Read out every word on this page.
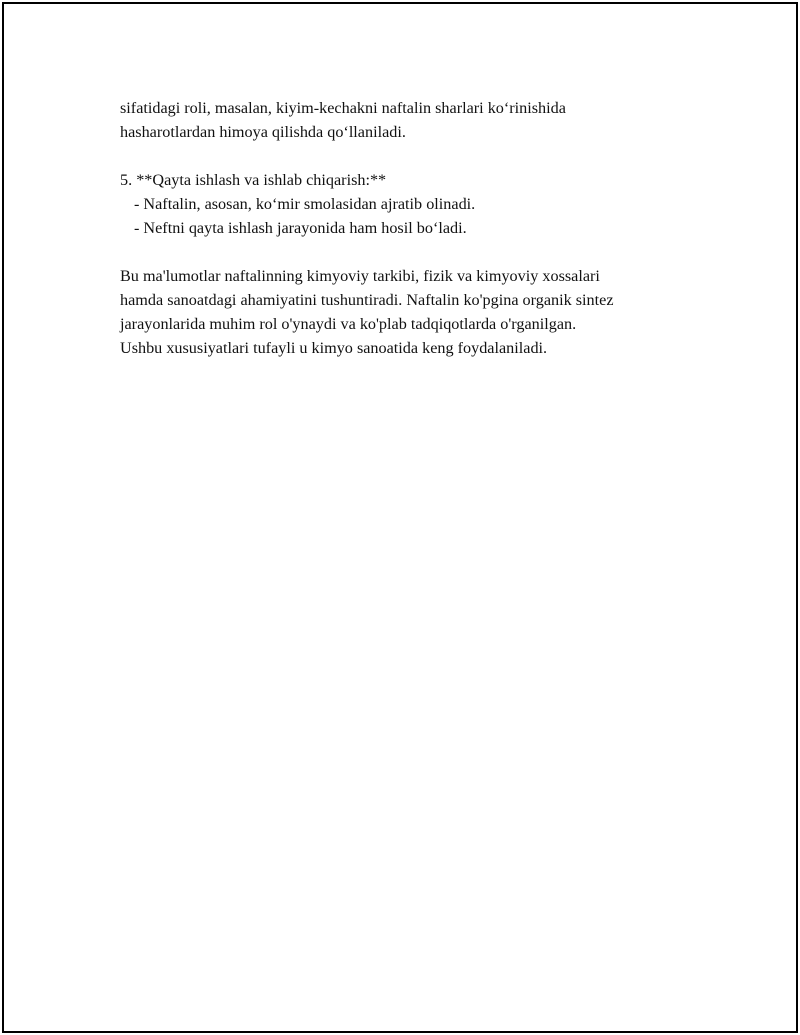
sifatidagi roli, masalan, kiyim-kechakni naftalin sharlari ko‘rinishida
hasharotlardan himoya qilishda qo‘llaniladi.
5. **Qayta ishlash va ishlab chiqarish:**
- Naftalin, asosan, ko‘mir smolasidan ajratib olinadi.
- Neftni qayta ishlash jarayonida ham hosil bo‘ladi.
Bu ma'lumotlar naftalinning kimyoviy tarkibi, fizik va kimyoviy xossalari
hamda sanoatdagi ahamiyatini tushuntiradi. Naftalin ko'pgina organik sintez
jarayonlarida muhim rol o'ynaydi va ko'plab tadqiqotlarda o'rganilgan.
Ushbu xususiyatlari tufayli u kimyo sanoatida keng foydalaniladi.
